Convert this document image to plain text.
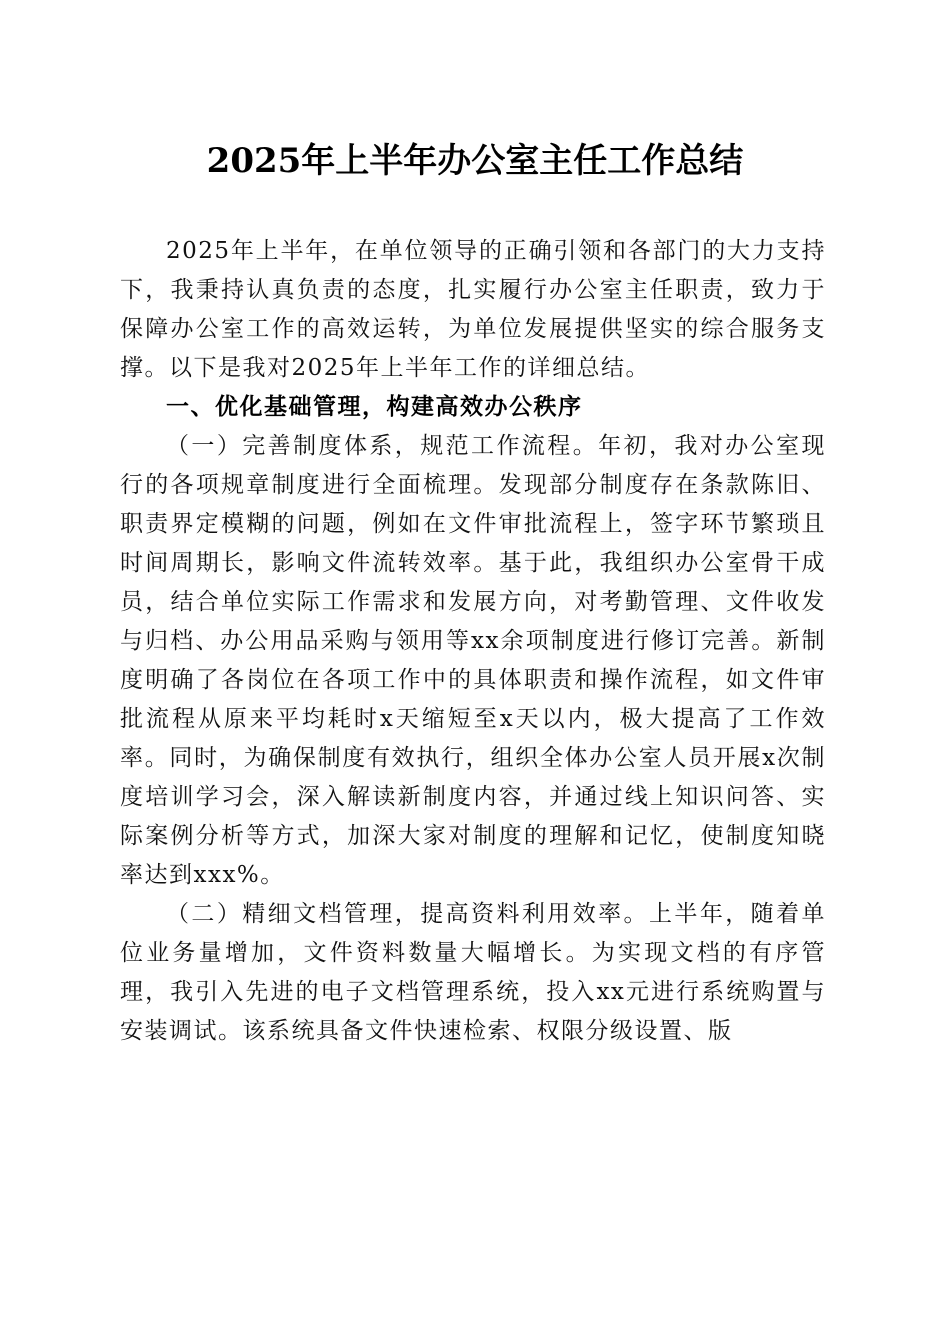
2025年上半年办公室主任工作总结

2025年上半年，在单位领导的正确引领和各部门的大力支持下，我秉持认真负责的态度，扎实履行办公室主任职责，致力于保障办公室工作的高效运转，为单位发展提供坚实的综合服务支撑。以下是我对2025年上半年工作的详细总结。

一、优化基础管理，构建高效办公秩序

（一）完善制度体系，规范工作流程。年初，我对办公室现行的各项规章制度进行全面梳理。发现部分制度存在条款陈旧、职责界定模糊的问题，例如在文件审批流程上，签字环节繁琐且时间周期长，影响文件流转效率。基于此，我组织办公室骨干成员，结合单位实际工作需求和发展方向，对考勤管理、文件收发与归档、办公用品采购与领用等xx余项制度进行修订完善。新制度明确了各岗位在各项工作中的具体职责和操作流程，如文件审批流程从原来平均耗时x天缩短至x天以内，极大提高了工作效率。同时，为确保制度有效执行，组织全体办公室人员开展x次制度培训学习会，深入解读新制度内容，并通过线上知识问答、实际案例分析等方式，加深大家对制度的理解和记忆，使制度知晓率达到xxx%。

（二）精细文档管理，提高资料利用效率。上半年，随着单位业务量增加，文件资料数量大幅增长。为实现文档的有序管理，我引入先进的电子文档管理系统，投入xx元进行系统购置与安装调试。该系统具备文件快速检索、权限分级设置、版
